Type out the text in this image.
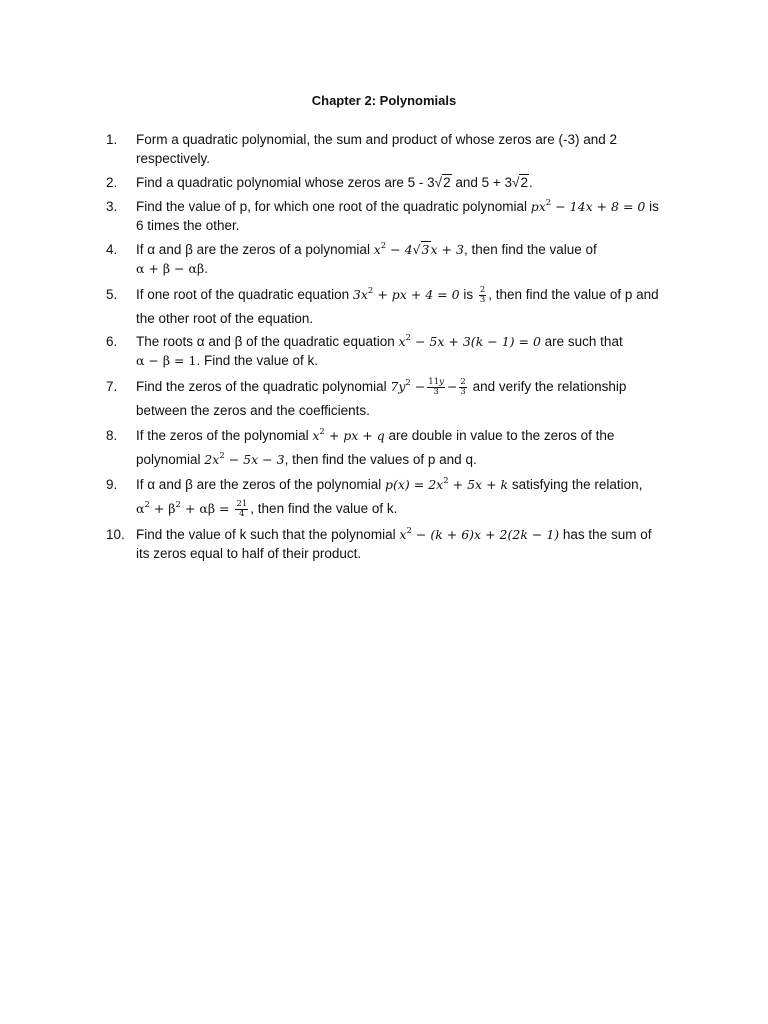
Chapter 2: Polynomials
1.	Form a quadratic polynomial, the sum and product of whose zeros are (-3) and 2
respectively.
2.	Find a quadratic polynomial whose zeros are 5 - 3√2 and 5 + 3√2.
3.	Find the value of p, for which one root of the quadratic polynomial $px^2 - 14x + 8 = 0$ is
6 times the other.
4.	If α and β are the zeros of a polynomial $x^2 - 4√3x + 3$, then find the value of
α + β − αβ.
5.	If one root of the quadratic equation $3x^2$ + px + 4 = 0 is $\frac{2}{3}$ , then find the value of p and
the other root of the equation.
6.	The roots α and β of the quadratic equation $x^2 - 5x + 3(k - 1) = 0$ are such that
α − β = 1. Find the value of k.
7.	Find the zeros of the quadratic polynomial $7y^2 - \frac{11y}{3} - \frac{2}{3}$ and verify the relationship
between the zeros and the coefficients.
8.	If the zeros of the polynomial $x^2$ + px + q are double in value to the zeros of the
polynomial $2x^2 - 5x - 3$, then find the values of p and q.
9.	If α and β are the zeros of the polynomial $p(x) = 2x^2 + 5x + k$ satisfying the relation,
$\alpha^2 + \beta^2 + \alpha\beta = \frac{21}{4}$ , then find the value of k.
10. Find the value of k such that the polynomial $x^2 - (k + 6)x + 2(2k - 1)$ has the sum of
its zeros equal to half of their product.
